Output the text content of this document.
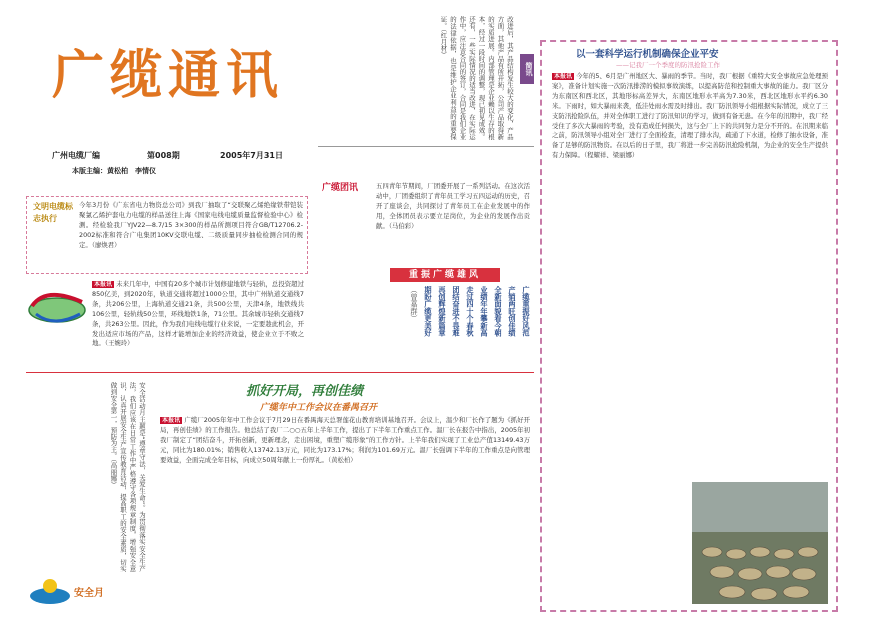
广缆通讯
广州电缆厂编	第008期	2005年7月31日
本版主编：黄松柏　李情仪
文明电缆标志执行
今年3月份《广东省电力物资总公司》到我厂抽取了“交联聚乙烯绝缘铁带铠装聚氯乙烯护套电力电缆的样品送往上海《国家电线电缆质量监督检验中心》检测。经检验我厂YJV22—8.7/15 3×300的样品所测项目符合GB/T12706.2-2002标准和符合广电集团10KV交联电缆、二级质量同步抽检检测合同的规定。（廖焕君）
本报讯 未来几年中，中国有20多个城市计划修建地铁与轻轨，总投资超过850亿美，到2020年，轨道交通将超过1000公里，其中广州轨道交通线7条，共206公里，上海轨道交通21条，共500公里，天津4条，地铁线共106公里，轻轨线50公里，环线地铁1条，71公里。其余城市轻轨交通线7条，共263公里。因此，作为我们电线电缆行业来说，一定要趁此机会，开发出适应市场的产品，这样才能增加企业的经济效益，使企业立于不败之地。（王婉玲）
简讯
改进后，其产品结构发生较大的变化，产品方面，其他产品有所开拓，公司产品取得新的实质进展。内部管理是企业赖以生存的根本，经过一段时间的调整，现已初见成效。还有，一些实际情况的适当改进，在实际运作中，应注意合同的签订，合同是我们企业的法律依据，也是维护企业利益的重要保证。（红月材）
广缆团讯	五四青年节期间，厂团委开展了一系列活动。在这次活动中，厂团委组织了青年员工学习五四运动的历史，召开了座谈会，共同探讨了青年员工在企业发展中的作用，全体团员表示要立足岗位，为企业的发展作出贡献。（马伯彩）
重振广缆雄风
广缆重振好风范
产销两旺创佳绩
全新面貌看今朝
业绩年年攀新高
走过四十个春秋
团结奋进不畏难
再创辉煌新篇章
期盼广缆更美好
（曾嘉群）
抓好开局，再创佳绩
广缆年中工作会议在番禺召开
本报讯 广缆厂2005年年中工作会议于7月29日在番禺海天总署莲花山教育培训基地召开。会议上，温少和厂长作了题为《抓好开局，再创佳绩》的工作报告。他总结了我厂二○○五年上半年工作，提出了下半年工作重点工作。温厂长在报告中指出，2005年初我厂制定了“团结奋斗，开拓创新，更新理念，走出困境，重塑广缆形象”的工作方针。上半年我们实现了工业总产值13149.43万元，同比为180.01%；销售收入13742.13万元，同比为173.17%；利润为101.69万元。温厂长强调下半年的工作重点是向管理要效益，全面完成全年目标，向成立50周年献上一份厚礼。（黄松柏）
安全活动月主题是“遵章守法，关爱生命”。为贯彻落实安全生产法，我们应该在日常工作中严格遵守各项规章制度，增强安全意识，认真开展安全生产宣传教育活动，提高职工的安全素质，切实做到安全第一，预防为主。（高丽娜）
安全月
以一套科学运行机制确保企业平安
——记我厂一个季度的防汛抢险工作
本报讯 今年的5、6月是广州地区大、暴雨的季节。当时，我厂根据《重特大安全事故应急处理预案》，准备计划实施一次防汛排涝的模拟事故演练，以提高防范和控制重大事故的能力。我厂区分为东南区和西北区，其地形标高差异大，东南区地形水平高为7.30米，西北区地形水平约6.30米。下雨时，如大暴雨来袭，低洼处雨水需及时排出。我厂防汛领导小组根据实际情况，成立了三支防汛抢险队伍，并对全体职工进行了防汛知识的学习，做到有备无患。在今年的汛期中，我厂经受住了多次大暴雨的考验，没有造成任何损失，这与全厂上下的共同努力是分不开的。在汛期来临之前，防汛领导小组对全厂进行了全面检查，清理了排水沟，疏通了下水道，检修了抽水设备，准备了足够的防汛物资。在以后的日子里，我厂将进一步完善防汛抢险机制，为企业的安全生产提供有力保障。（程耀祥、梁丽娜）
